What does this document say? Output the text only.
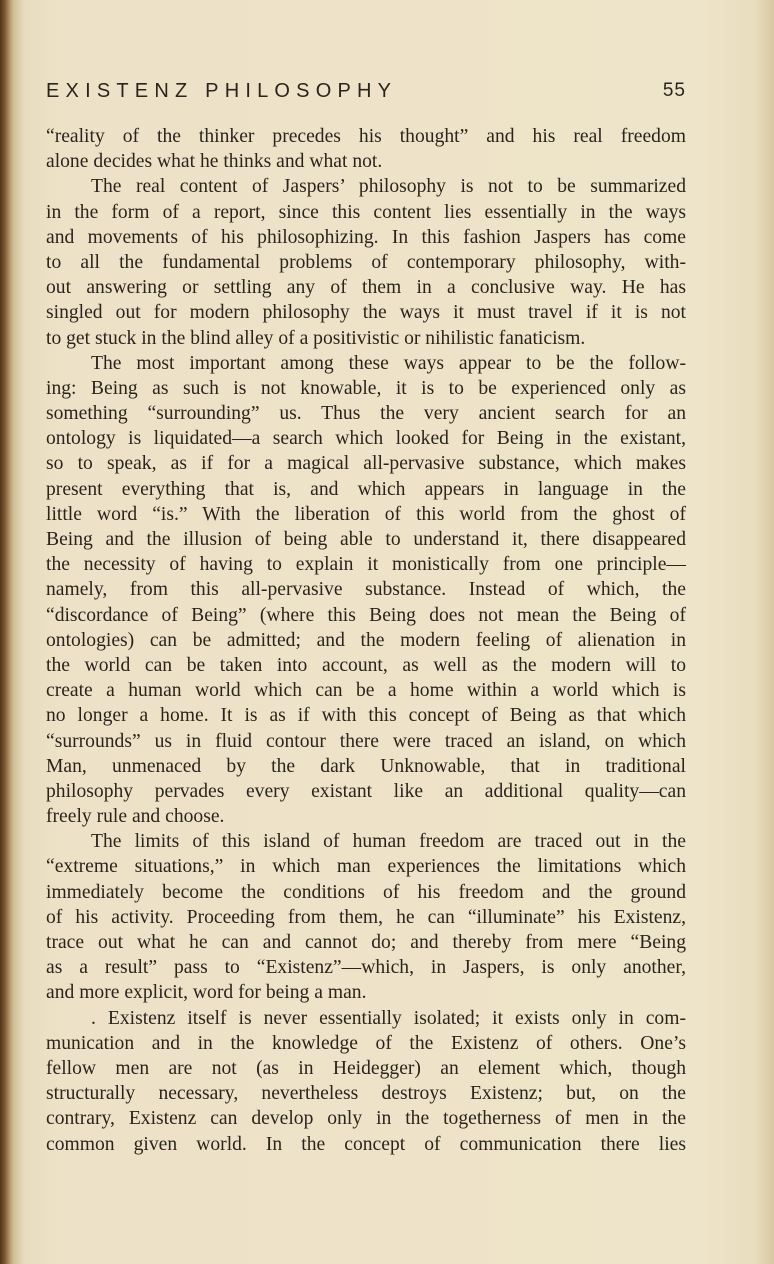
EXISTENZ PHILOSOPHY	55
“reality of the thinker precedes his thought” and his real freedom
alone decides what he thinks and what not.
The real content of Jaspers’ philosophy is not to be summarized
in the form of a report, since this content lies essentially in the ways
and movements of his philosophizing. In this fashion Jaspers has come
to all the fundamental problems of contemporary philosophy, with-
out answering or settling any of them in a conclusive way. He has
singled out for modern philosophy the ways it must travel if it is not
to get stuck in the blind alley of a positivistic or nihilistic fanaticism.
The most important among these ways appear to be the follow-
ing: Being as such is not knowable, it is to be experienced only as
something “surrounding” us. Thus the very ancient search for an
ontology is liquidated—a search which looked for Being in the existant,
so to speak, as if for a magical all-pervasive substance, which makes
present everything that is, and which appears in language in the
little word “is.” With the liberation of this world from the ghost of
Being and the illusion of being able to understand it, there disappeared
the necessity of having to explain it monistically from one principle—
namely, from this all-pervasive substance. Instead of which, the
“discordance of Being” (where this Being does not mean the Being of
ontologies) can be admitted; and the modern feeling of alienation in
the world can be taken into account, as well as the modern will to
create a human world which can be a home within a world which is
no longer a home. It is as if with this concept of Being as that which
“surrounds” us in fluid contour there were traced an island, on which
Man, unmenaced by the dark Unknowable, that in traditional
philosophy pervades every existant like an additional quality—can
freely rule and choose.
The limits of this island of human freedom are traced out in the
“extreme situations,” in which man experiences the limitations which
immediately become the conditions of his freedom and the ground
of his activity. Proceeding from them, he can “illuminate” his Existenz,
trace out what he can and cannot do; and thereby from mere “Being
as a result” pass to “Existenz”—which, in Jaspers, is only another,
and more explicit, word for being a man.
. Existenz itself is never essentially isolated; it exists only in com-
munication and in the knowledge of the Existenz of others. One’s
fellow men are not (as in Heidegger) an element which, though
structurally necessary, nevertheless destroys Existenz; but, on the
contrary, Existenz can develop only in the togetherness of men in the
common given world. In the concept of communication there lies
